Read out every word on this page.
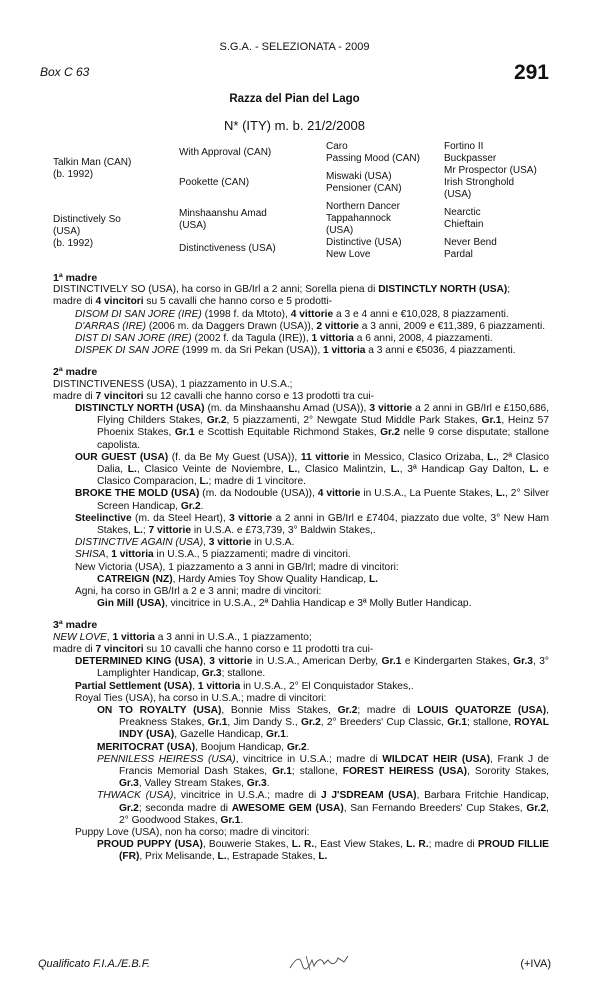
S.G.A. - SELEZIONATA - 2009
Box C 63	291
Razza del Pian del Lago
N* (ITY) m. b. 21/2/2008
Talkin Man (CAN)
(b. 1992)
Distinctively So
(USA)
(b. 1992)
With Approval (CAN)
Pookette (CAN)
Minshaanshu Amad
(USA)
Distinctiveness (USA)
Caro
Passing Mood (CAN)
Miswaki (USA)
Pensioner (CAN)
Northern Dancer
Tappahannock
(USA)
Distinctive (USA)
New Love
Fortino II
Buckpasser
Mr Prospector (USA)
Irish Stronghold
(USA)
Nearctic
Chieftain
Never Bend
Pardal

1ª madre

DISTINCTIVELY SO (USA), ha corso in GB/Irl a 2 anni; Sorella piena di DISTINCTLY NORTH (USA);

madre di 4 vincitori su 5 cavalli che hanno corso e 5 prodotti-

DISOM DI SAN JORE (IRE) (1998 f. da Mtoto), 4 vittorie a 3 e 4 anni e €10,028, 8 piazzamenti.

D'ARRAS (IRE) (2006 m. da Daggers Drawn (USA)), 2 vittorie a 3 anni, 2009 e €11,389, 6 piazzamenti.

DIST DI SAN JORE (IRE) (2002 f. da Tagula (IRE)), 1 vittoria a 6 anni, 2008, 4 piazzamenti.

DISPEK DI SAN JORE (1999 m. da Sri Pekan (USA)), 1 vittoria a 3 anni e €5036, 4 piazzamenti.

2ª madre

DISTINCTIVENESS (USA), 1 piazzamento in U.S.A.;

madre di 7 vincitori su 12 cavalli che hanno corso e 13 prodotti tra cui-

DISTINCTLY NORTH (USA) (m. da Minshaanshu Amad (USA)), 3 vittorie a 2 anni in GB/Irl e £150,686, Flying Childers Stakes, Gr.2, 5 piazzamenti, 2° Newgate Stud Middle Park Stakes, Gr.1, Heinz 57 Phoenix Stakes, Gr.1 e Scottish Equitable Richmond Stakes, Gr.2 nelle 9 corse disputate; stallone capolista.

OUR GUEST (USA) (f. da Be My Guest (USA)), 11 vittorie in Messico, Clasico Orizaba, L., 2ª Clasico Dalia, L., Clasico Veinte de Noviembre, L., Clasico Malintzin, L., 3ª Handicap Gay Dalton, L. e Clasico Comparacion, L.; madre di 1 vincitore.

BROKE THE MOLD (USA) (m. da Nodouble (USA)), 4 vittorie in U.S.A., La Puente Stakes, L., 2° Silver Screen Handicap, Gr.2.

Steelinctive (m. da Steel Heart), 3 vittorie a 2 anni in GB/Irl e £7404, piazzato due volte, 3° New Ham Stakes, L.; 7 vittorie in U.S.A. e £73,739, 3° Baldwin Stakes,.

DISTINCTIVE AGAIN (USA), 3 vittorie in U.S.A.

SHISA, 1 vittoria in U.S.A., 5 piazzamenti; madre di vincitori.

New Victoria (USA), 1 piazzamento a 3 anni in GB/Irl; madre di vincitori:

CATREIGN (NZ), Hardy Amies Toy Show Quality Handicap, L.

Agni, ha corso in GB/Irl a 2 e 3 anni; madre di vincitori:

Gin Mill (USA), vincitrice in U.S.A., 2ª Dahlia Handicap e 3ª Molly Butler Handicap.

3ª madre

NEW LOVE, 1 vittoria a 3 anni in U.S.A., 1 piazzamento;

madre di 7 vincitori su 10 cavalli che hanno corso e 11 prodotti tra cui-

DETERMINED KING (USA), 3 vittorie in U.S.A., American Derby, Gr.1 e Kindergarten Stakes, Gr.3, 3° Lamplighter Handicap, Gr.3; stallone.

Partial Settlement (USA), 1 vittoria in U.S.A., 2° El Conquistador Stakes,.

Royal Ties (USA), ha corso in U.S.A.; madre di vincitori:

ON TO ROYALTY (USA), Bonnie Miss Stakes, Gr.2; madre di LOUIS QUATORZE (USA), Preakness Stakes, Gr.1, Jim Dandy S., Gr.2, 2° Breeders' Cup Classic, Gr.1; stallone, ROYAL INDY (USA), Gazelle Handicap, Gr.1.

MERITOCRAT (USA), Boojum Handicap, Gr.2.

PENNILESS HEIRESS (USA), vincitrice in U.S.A.; madre di WILDCAT HEIR (USA), Frank J de Francis Memorial Dash Stakes, Gr.1; stallone, FOREST HEIRESS (USA), Sorority Stakes, Gr.3, Valley Stream Stakes, Gr.3.

THWACK (USA), vincitrice in U.S.A.; madre di J J'SDREAM (USA), Barbara Fritchie Handicap, Gr.2; seconda madre di AWESOME GEM (USA), San Fernando Breeders' Cup Stakes, Gr.2, 2° Goodwood Stakes, Gr.1.

Puppy Love (USA), non ha corso; madre di vincitori:

PROUD PUPPY (USA), Bouwerie Stakes, L. R., East View Stakes, L. R.; madre di PROUD FILLIE (FR), Prix Melisande, L., Estrapade Stakes, L.

Qualificato F.I.A./E.B.F.	(+IVA)
